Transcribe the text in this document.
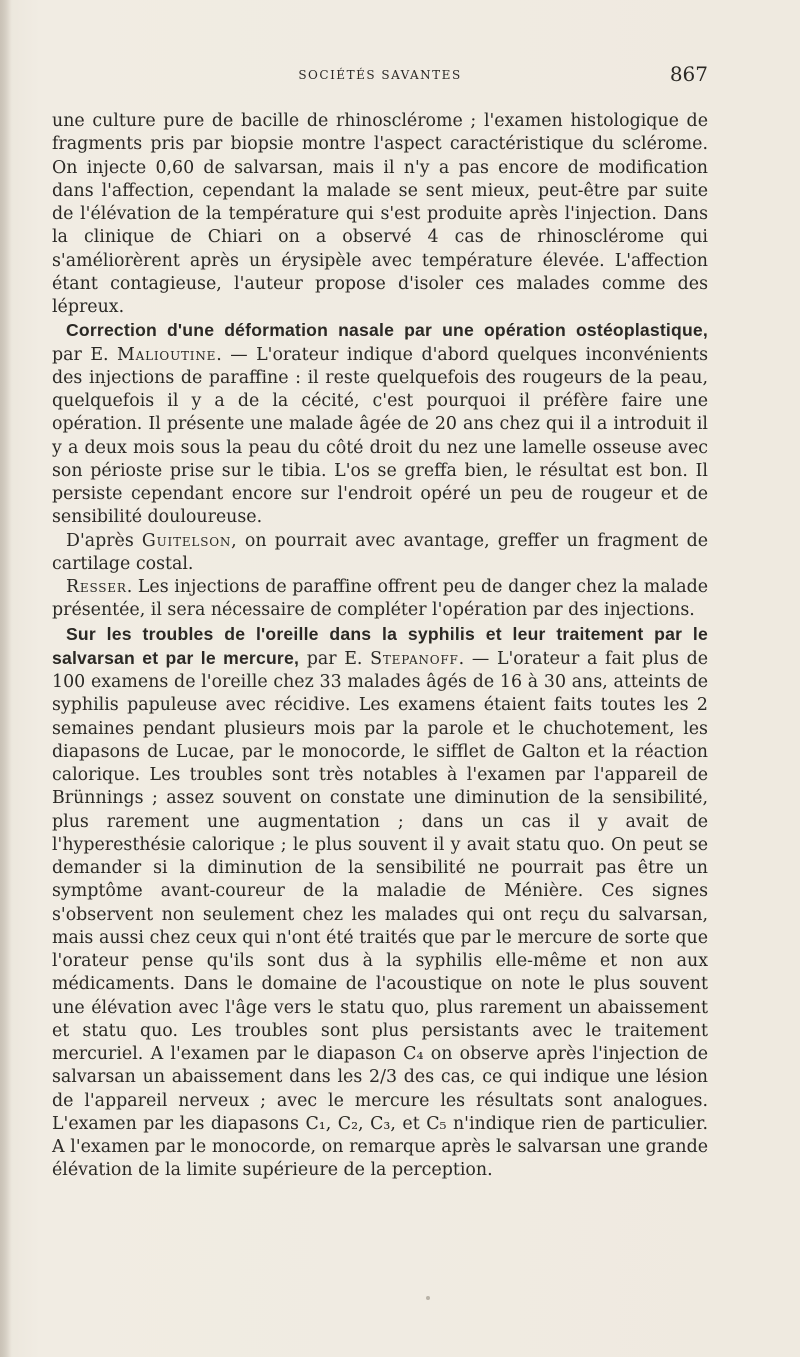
SOCIÉTÉS SAVANTES	867

une culture pure de bacille de rhinosclérome ; l'examen histologique de fragments pris par biopsie montre l'aspect caractéristique du sclérome. On injecte 0,60 de salvarsan, mais il n'y a pas encore de modification dans l'affection, cependant la malade se sent mieux, peut-être par suite de l'élévation de la température qui s'est produite après l'injection. Dans la clinique de Chiari on a observé 4 cas de rhinosclérome qui s'améliorèrent après un érysipèle avec température élevée. L'affection étant contagieuse, l'auteur propose d'isoler ces malades comme des lépreux.

Correction d'une déformation nasale par une opération ostéoplastique, par E. Malioutine. — L'orateur indique d'abord quelques inconvénients des injections de paraffine : il reste quelquefois des rougeurs de la peau, quelquefois il y a de la cécité, c'est pourquoi il préfère faire une opération. Il présente une malade âgée de 20 ans chez qui il a introduit il y a deux mois sous la peau du côté droit du nez une lamelle osseuse avec son périoste prise sur le tibia. L'os se greffa bien, le résultat est bon. Il persiste cependant encore sur l'endroit opéré un peu de rougeur et de sensibilité douloureuse.

D'après Guitelson, on pourrait avec avantage, greffer un fragment de cartilage costal.

Resser. Les injections de paraffine offrent peu de danger chez la malade présentée, il sera nécessaire de compléter l'opération par des injections.

Sur les troubles de l'oreille dans la syphilis et leur traitement par le salvarsan et par le mercure, par E. Stepanoff. — L'orateur a fait plus de 100 examens de l'oreille chez 33 malades âgés de 16 à 30 ans, atteints de syphilis papuleuse avec récidive. Les examens étaient faits toutes les 2 semaines pendant plusieurs mois par la parole et le chuchotement, les diapasons de Lucae, par le monocorde, le sifflet de Galton et la réaction calorique. Les troubles sont très notables à l'examen par l'appareil de Brünnings ; assez souvent on constate une diminution de la sensibilité, plus rarement une augmentation ; dans un cas il y avait de l'hyperesthésie calorique ; le plus souvent il y avait statu quo. On peut se demander si la diminution de la sensibilité ne pourrait pas être un symptôme avant-coureur de la maladie de Ménière. Ces signes s'observent non seulement chez les malades qui ont reçu du salvarsan, mais aussi chez ceux qui n'ont été traités que par le mercure de sorte que l'orateur pense qu'ils sont dus à la syphilis elle-même et non aux médicaments. Dans le domaine de l'acoustique on note le plus souvent une élévation avec l'âge vers le statu quo, plus rarement un abaissement et statu quo. Les troubles sont plus persistants avec le traitement mercuriel. A l'examen par le diapason C₄ on observe après l'injection de salvarsan un abaissement dans les 2/3 des cas, ce qui indique une lésion de l'appareil nerveux ; avec le mercure les résultats sont analogues. L'examen par les diapasons C₁, C₂, C₃, et C₅ n'indique rien de particulier. A l'examen par le monocorde, on remarque après le salvarsan une grande élévation de la limite supérieure de la perception.
